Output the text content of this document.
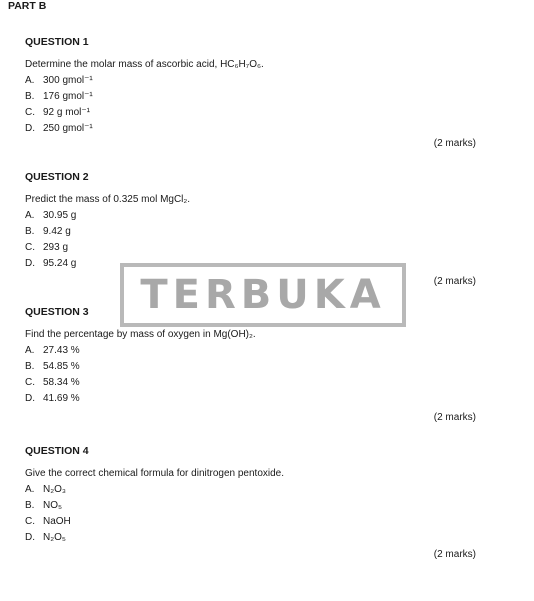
PART B
QUESTION 1
Determine the molar mass of ascorbic acid, HC₆H₇O₆.
A. 300 gmol⁻¹
B. 176 gmol⁻¹
C. 92 g mol⁻¹
D. 250 gmol⁻¹
(2 marks)
QUESTION 2
Predict the mass of 0.325 mol MgCl₂.
A. 30.95 g
B. 9.42 g
C. 293 g
D. 95.24 g
(2 marks)
QUESTION 3
Find the percentage by mass of oxygen in Mg(OH)₂.
A. 27.43 %
B. 54.85 %
C. 58.34 %
D. 41.69 %
(2 marks)
QUESTION 4
Give the correct chemical formula for dinitrogen pentoxide.
A. N₂O₃
B. NO₅
C. NaOH
D. N₂O₅
(2 marks)
TERBUKA
